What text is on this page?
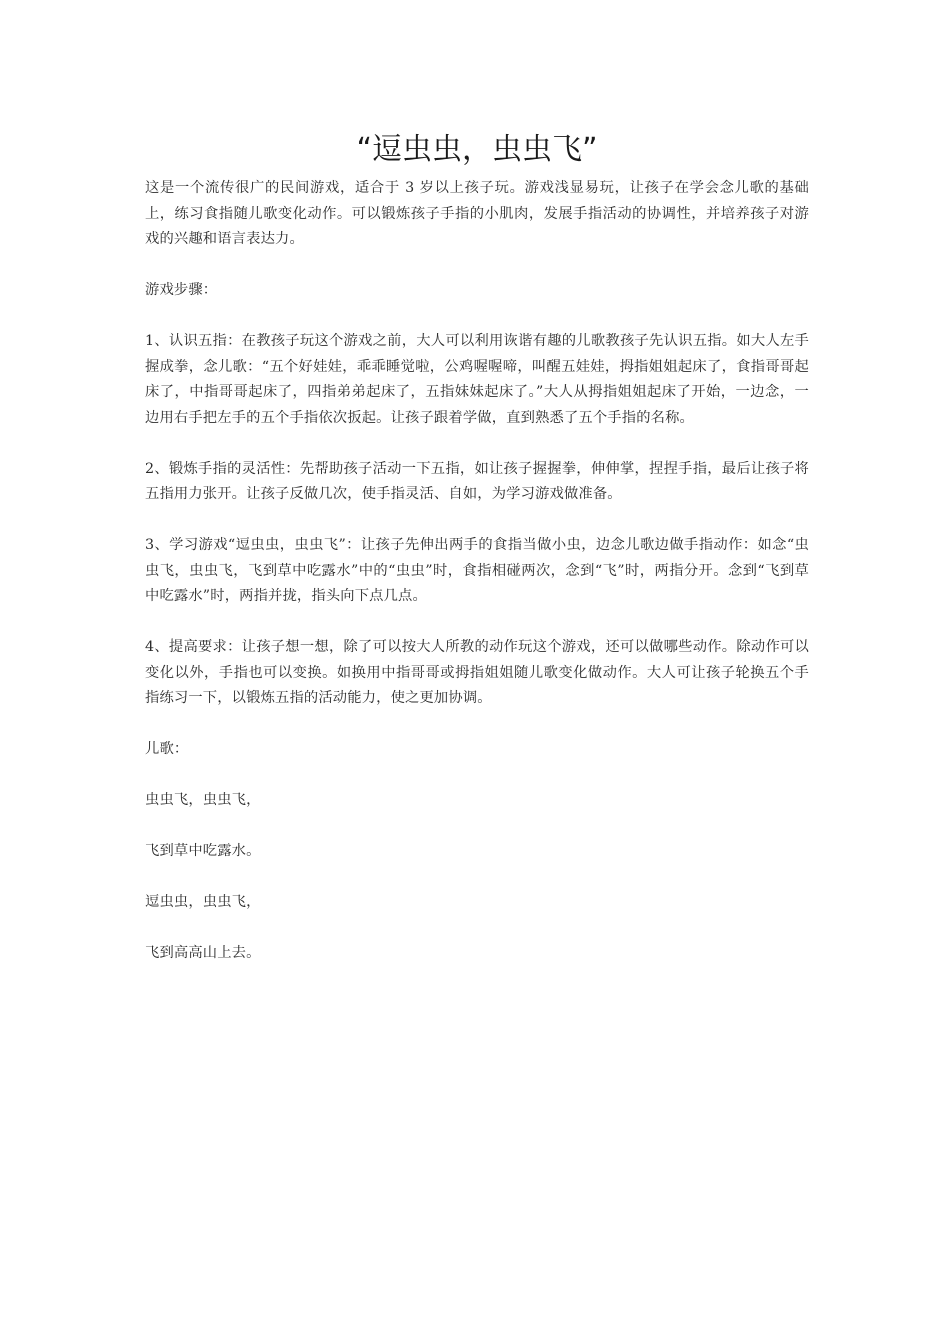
“逗虫虫，虫虫飞”

这是一个流传很广的民间游戏，适合于 3 岁以上孩子玩。游戏浅显易玩，让孩子在学会念儿歌的基础上，练习食指随儿歌变化动作。可以锻炼孩子手指的小肌肉，发展手指活动的协调性，并培养孩子对游戏的兴趣和语言表达力。

游戏步骤：

1、认识五指：在教孩子玩这个游戏之前，大人可以利用诙谐有趣的儿歌教孩子先认识五指。如大人左手握成拳，念儿歌：“五个好娃娃，乖乖睡觉啦，公鸡喔喔啼，叫醒五娃娃，拇指姐姐起床了，食指哥哥起床了，中指哥哥起床了，四指弟弟起床了，五指妹妹起床了。”大人从拇指姐姐起床了开始，一边念，一边用右手把左手的五个手指依次扳起。让孩子跟着学做，直到熟悉了五个手指的名称。

2、锻炼手指的灵活性：先帮助孩子活动一下五指，如让孩子握握拳，伸伸掌，捏捏手指，最后让孩子将五指用力张开。让孩子反做几次，使手指灵活、自如，为学习游戏做准备。

3、学习游戏“逗虫虫，虫虫飞”：让孩子先伸出两手的食指当做小虫，边念儿歌边做手指动作：如念“虫虫飞，虫虫飞，飞到草中吃露水”中的“虫虫”时，食指相碰两次，念到“飞”时，两指分开。念到“飞到草中吃露水”时，两指并拢，指头向下点几点。

4、提高要求：让孩子想一想，除了可以按大人所教的动作玩这个游戏，还可以做哪些动作。除动作可以变化以外，手指也可以变换。如换用中指哥哥或拇指姐姐随儿歌变化做动作。大人可让孩子轮换五个手指练习一下，以锻炼五指的活动能力，使之更加协调。

儿歌：

虫虫飞，虫虫飞，

飞到草中吃露水。

逗虫虫，虫虫飞，

飞到高高山上去。
